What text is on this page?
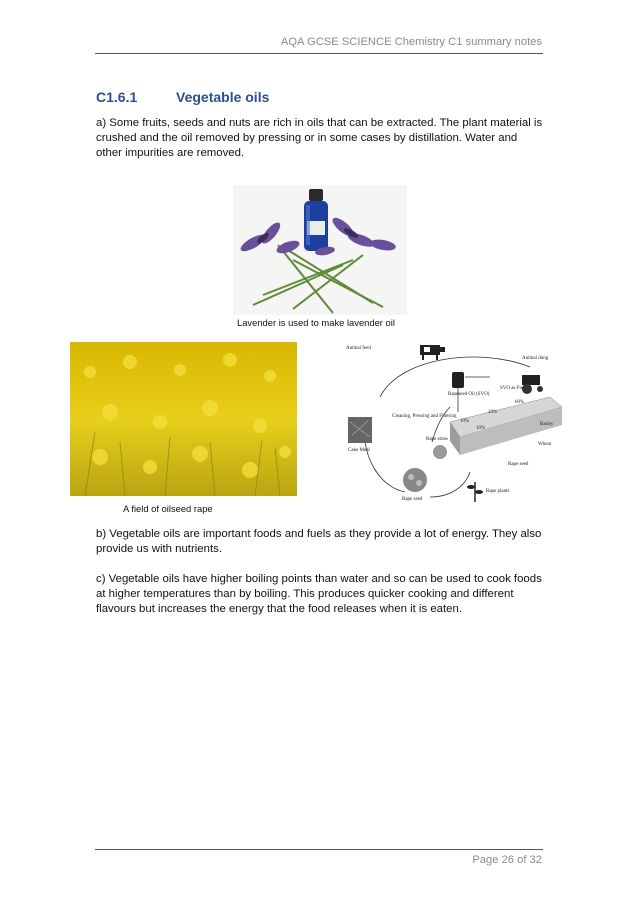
AQA GCSE SCIENCE Chemistry C1 summary notes
C1.6.1	Vegetable oils
a) Some fruits, seeds and nuts are rich in oils that can be extracted. The plant material is crushed and the oil removed by pressing or in some cases by distillation. Water and other impurities are removed.
Lavender is used to make lavender oil
A field of oilseed rape
Animal feed
Animal dung
Rapeseed Oil (SVO)
SVO as Fuel
Cleaning, Pressing and Filtering
Rape straw
Cake Meal
Rape seed
Rape plants
Rape seed
Wheat
Barley
10%
20%
10%
60%
b) Vegetable oils are important foods and fuels as they provide a lot of energy. They also provide us with nutrients.
c) Vegetable oils have higher boiling points than water and so can be used to cook foods at higher temperatures than by boiling. This produces quicker cooking and different flavours but increases the energy that the food releases when it is eaten.
Page 26 of 32
